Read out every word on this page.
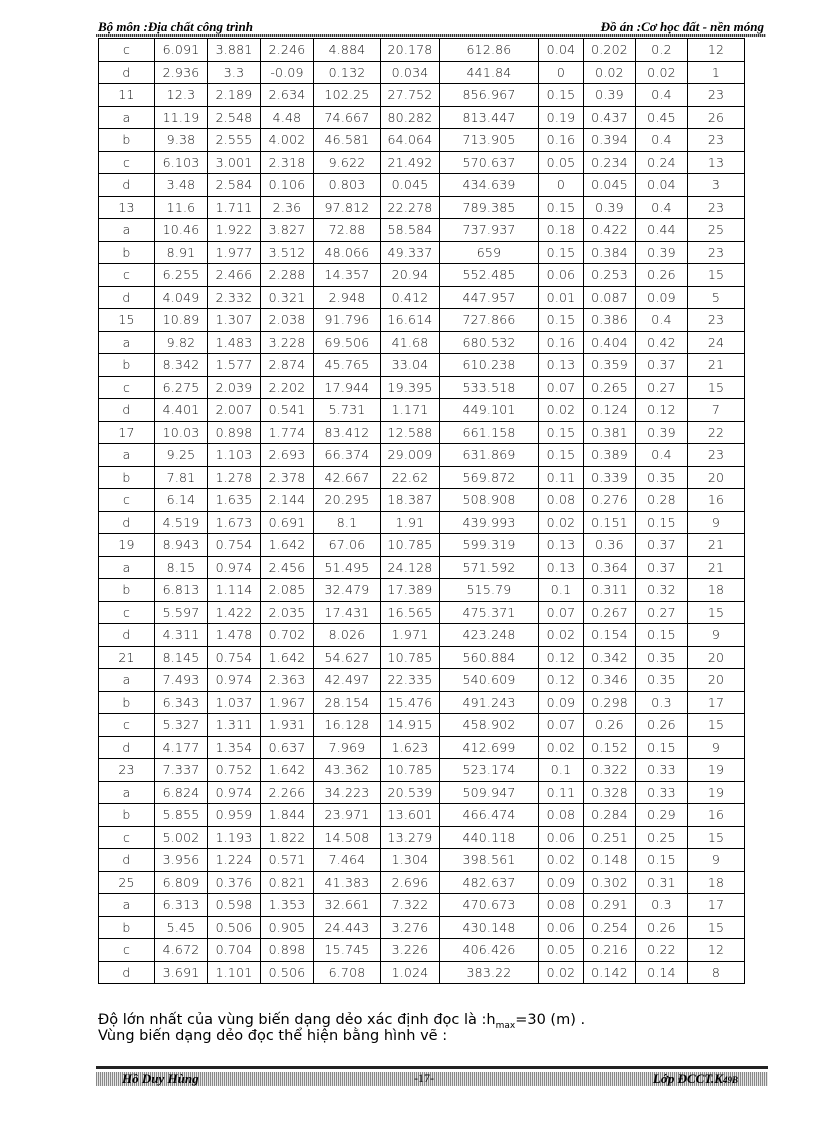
Bộ môn :Địa chất công trình	Đồ án :Cơ học đất - nền móng
c	6.091	3.881	2.246	4.884	20.178	612.86	0.04	0.202	0.2	12
d	2.936	3.3	-0.09	0.132	0.034	441.84	0	0.02	0.02	1
11	12.3	2.189	2.634	102.25	27.752	856.967	0.15	0.39	0.4	23
a	11.19	2.548	4.48	74.667	80.282	813.447	0.19	0.437	0.45	26
b	9.38	2.555	4.002	46.581	64.064	713.905	0.16	0.394	0.4	23
c	6.103	3.001	2.318	9.622	21.492	570.637	0.05	0.234	0.24	13
d	3.48	2.584	0.106	0.803	0.045	434.639	0	0.045	0.04	3
13	11.6	1.711	2.36	97.812	22.278	789.385	0.15	0.39	0.4	23
a	10.46	1.922	3.827	72.88	58.584	737.937	0.18	0.422	0.44	25
b	8.91	1.977	3.512	48.066	49.337	659	0.15	0.384	0.39	23
c	6.255	2.466	2.288	14.357	20.94	552.485	0.06	0.253	0.26	15
d	4.049	2.332	0.321	2.948	0.412	447.957	0.01	0.087	0.09	5
15	10.89	1.307	2.038	91.796	16.614	727.866	0.15	0.386	0.4	23
a	9.82	1.483	3.228	69.506	41.68	680.532	0.16	0.404	0.42	24
b	8.342	1.577	2.874	45.765	33.04	610.238	0.13	0.359	0.37	21
c	6.275	2.039	2.202	17.944	19.395	533.518	0.07	0.265	0.27	15
d	4.401	2.007	0.541	5.731	1.171	449.101	0.02	0.124	0.12	7
17	10.03	0.898	1.774	83.412	12.588	661.158	0.15	0.381	0.39	22
a	9.25	1.103	2.693	66.374	29.009	631.869	0.15	0.389	0.4	23
b	7.81	1.278	2.378	42.667	22.62	569.872	0.11	0.339	0.35	20
c	6.14	1.635	2.144	20.295	18.387	508.908	0.08	0.276	0.28	16
d	4.519	1.673	0.691	8.1	1.91	439.993	0.02	0.151	0.15	9
19	8.943	0.754	1.642	67.06	10.785	599.319	0.13	0.36	0.37	21
a	8.15	0.974	2.456	51.495	24.128	571.592	0.13	0.364	0.37	21
b	6.813	1.114	2.085	32.479	17.389	515.79	0.1	0.311	0.32	18
c	5.597	1.422	2.035	17.431	16.565	475.371	0.07	0.267	0.27	15
d	4.311	1.478	0.702	8.026	1.971	423.248	0.02	0.154	0.15	9
21	8.145	0.754	1.642	54.627	10.785	560.884	0.12	0.342	0.35	20
a	7.493	0.974	2.363	42.497	22.335	540.609	0.12	0.346	0.35	20
b	6.343	1.037	1.967	28.154	15.476	491.243	0.09	0.298	0.3	17
c	5.327	1.311	1.931	16.128	14.915	458.902	0.07	0.26	0.26	15
d	4.177	1.354	0.637	7.969	1.623	412.699	0.02	0.152	0.15	9
23	7.337	0.752	1.642	43.362	10.785	523.174	0.1	0.322	0.33	19
a	6.824	0.974	2.266	34.223	20.539	509.947	0.11	0.328	0.33	19
b	5.855	0.959	1.844	23.971	13.601	466.474	0.08	0.284	0.29	16
c	5.002	1.193	1.822	14.508	13.279	440.118	0.06	0.251	0.25	15
d	3.956	1.224	0.571	7.464	1.304	398.561	0.02	0.148	0.15	9
25	6.809	0.376	0.821	41.383	2.696	482.637	0.09	0.302	0.31	18
a	6.313	0.598	1.353	32.661	7.322	470.673	0.08	0.291	0.3	17
b	5.45	0.506	0.905	24.443	3.276	430.148	0.06	0.254	0.26	15
c	4.672	0.704	0.898	15.745	3.226	406.426	0.05	0.216	0.22	12
d	3.691	1.101	0.506	6.708	1.024	383.22	0.02	0.142	0.14	8
Độ lớn nhất của vùng biến dạng dẻo xác định đọc là $:h_{max}=30$ (m) .
Vùng biến dạng dẻo đọc thể hiện bằng hình vẽ :
Hồ Duy Hùng	-17-	Lớp ĐCCT.K49B
